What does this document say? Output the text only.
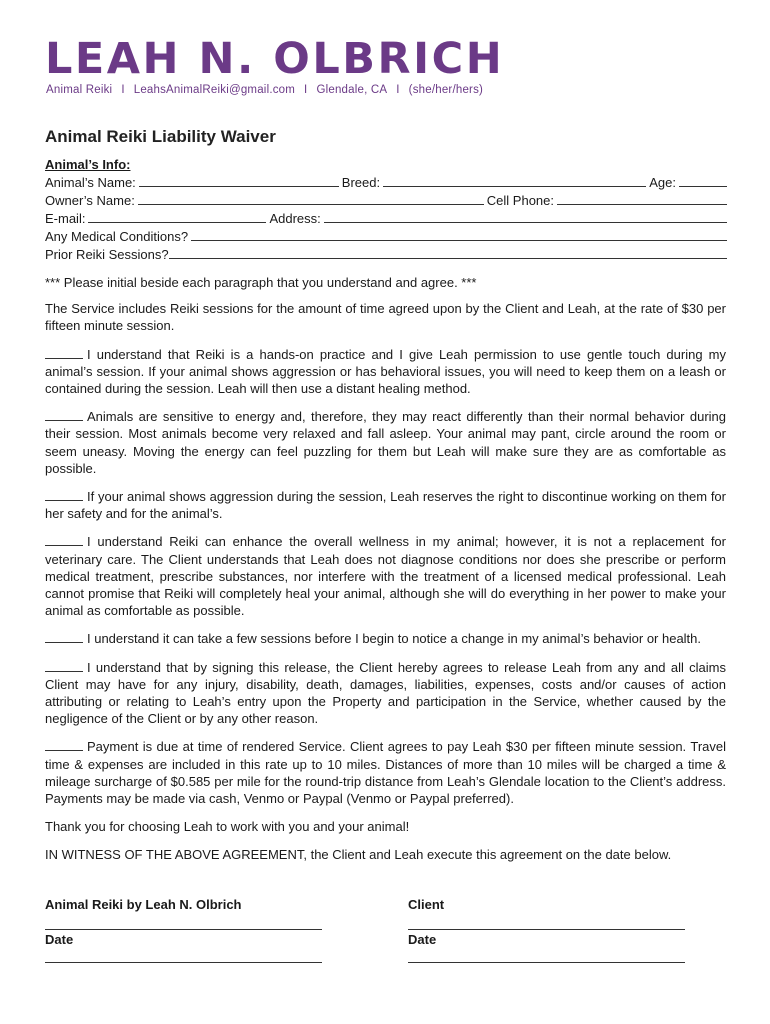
LEAH N. OLBRICH
Animal Reiki I LeahsAnimalReiki@gmail.com I Glendale, CA I (she/her/hers)
Animal Reiki Liability Waiver
Animal’s Info:
Animal’s Name:	Breed:	Age:
Owner’s Name:	Cell Phone:
E-mail:	Address:
Any Medical Conditions?
Prior Reiki Sessions?

*** Please initial beside each paragraph that you understand and agree. ***

The Service includes Reiki sessions for the amount of time agreed upon by the Client and Leah, at the rate of $30 per fifteen minute session.

I understand that Reiki is a hands-on practice and I give Leah permission to use gentle touch during my animal’s session. If your animal shows aggression or has behavioral issues, you will need to keep them on a leash or contained during the session. Leah will then use a distant healing method.

Animals are sensitive to energy and, therefore, they may react differently than their normal behavior during their session. Most animals become very relaxed and fall asleep. Your animal may pant, circle around the room or seem uneasy. Moving the energy can feel puzzling for them but Leah will make sure they are as comfortable as possible.

If your animal shows aggression during the session, Leah reserves the right to discontinue working on them for her safety and for the animal’s.

I understand Reiki can enhance the overall wellness in my animal; however, it is not a replacement for veterinary care. The Client understands that Leah does not diagnose conditions nor does she prescribe or perform medical treatment, prescribe substances, nor interfere with the treatment of a licensed medical professional. Leah cannot promise that Reiki will completely heal your animal, although she will do everything in her power to make your animal as comfortable as possible.

I understand it can take a few sessions before I begin to notice a change in my animal’s behavior or health.

I understand that by signing this release, the Client hereby agrees to release Leah from any and all claims Client may have for any injury, disability, death, damages, liabilities, expenses, costs and/or causes of action attributing or relating to Leah’s entry upon the Property and participation in the Service, whether caused by the negligence of the Client or by any other reason.

Payment is due at time of rendered Service. Client agrees to pay Leah $30 per fifteen minute session. Travel time & expenses are included in this rate up to 10 miles. Distances of more than 10 miles will be charged a time & mileage surcharge of $0.585 per mile for the round-trip distance from Leah’s Glendale location to the Client’s address. Payments may be made via cash, Venmo or Paypal (Venmo or Paypal preferred).

Thank you for choosing Leah to work with you and your animal!

IN WITNESS OF THE ABOVE AGREEMENT, the Client and Leah execute this agreement on the date below.

Animal Reiki by Leah N. Olbrich
Date
Client
Date
